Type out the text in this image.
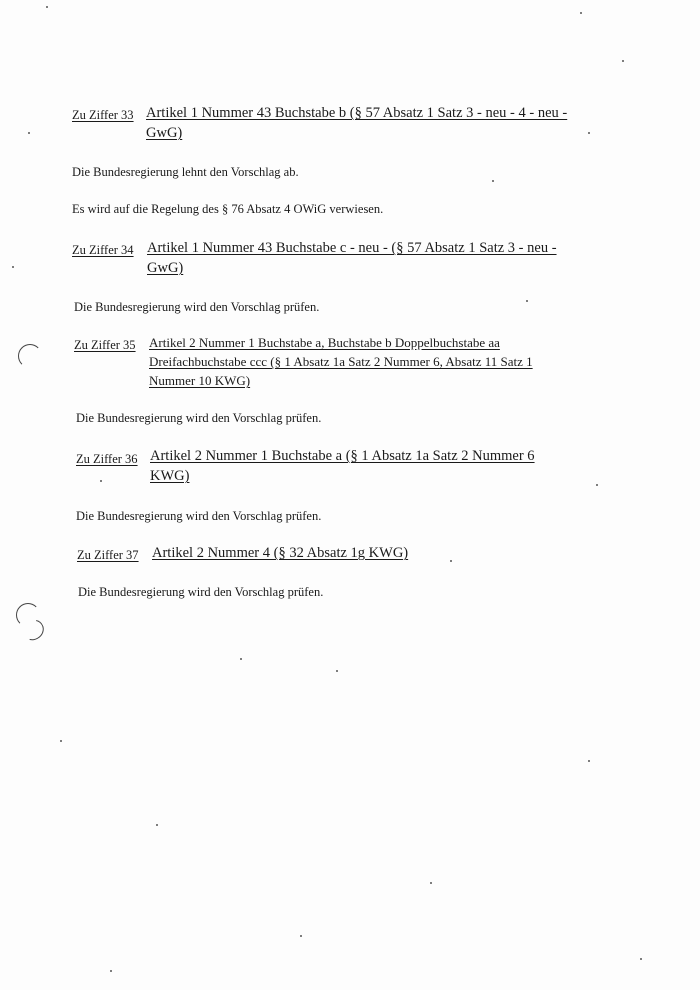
Zu Ziffer 33 Artikel 1 Nummer 43 Buchstabe b (§ 57 Absatz 1 Satz 3 - neu - 4 - neu -
GwG)
Die Bundesregierung lehnt den Vorschlag ab.
Es wird auf die Regelung des § 76 Absatz 4 OWiG verwiesen.
Zu Ziffer 34 Artikel 1 Nummer 43 Buchstabe c - neu - (§ 57 Absatz 1 Satz 3 - neu -
GwG)
Die Bundesregierung wird den Vorschlag prüfen.
Zu Ziffer 35 Artikel 2 Nummer 1 Buchstabe a, Buchstabe b Doppelbuchstabe aa
Dreifachbuchstabe ccc (§ 1 Absatz 1a Satz 2 Nummer 6, Absatz 11 Satz 1
Nummer 10 KWG)
Die Bundesregierung wird den Vorschlag prüfen.
Zu Ziffer 36 Artikel 2 Nummer 1 Buchstabe a (§ 1 Absatz 1a Satz 2 Nummer 6
KWG)
Die Bundesregierung wird den Vorschlag prüfen.
Zu Ziffer 37 Artikel 2 Nummer 4 (§ 32 Absatz 1g KWG)
Die Bundesregierung wird den Vorschlag prüfen.
